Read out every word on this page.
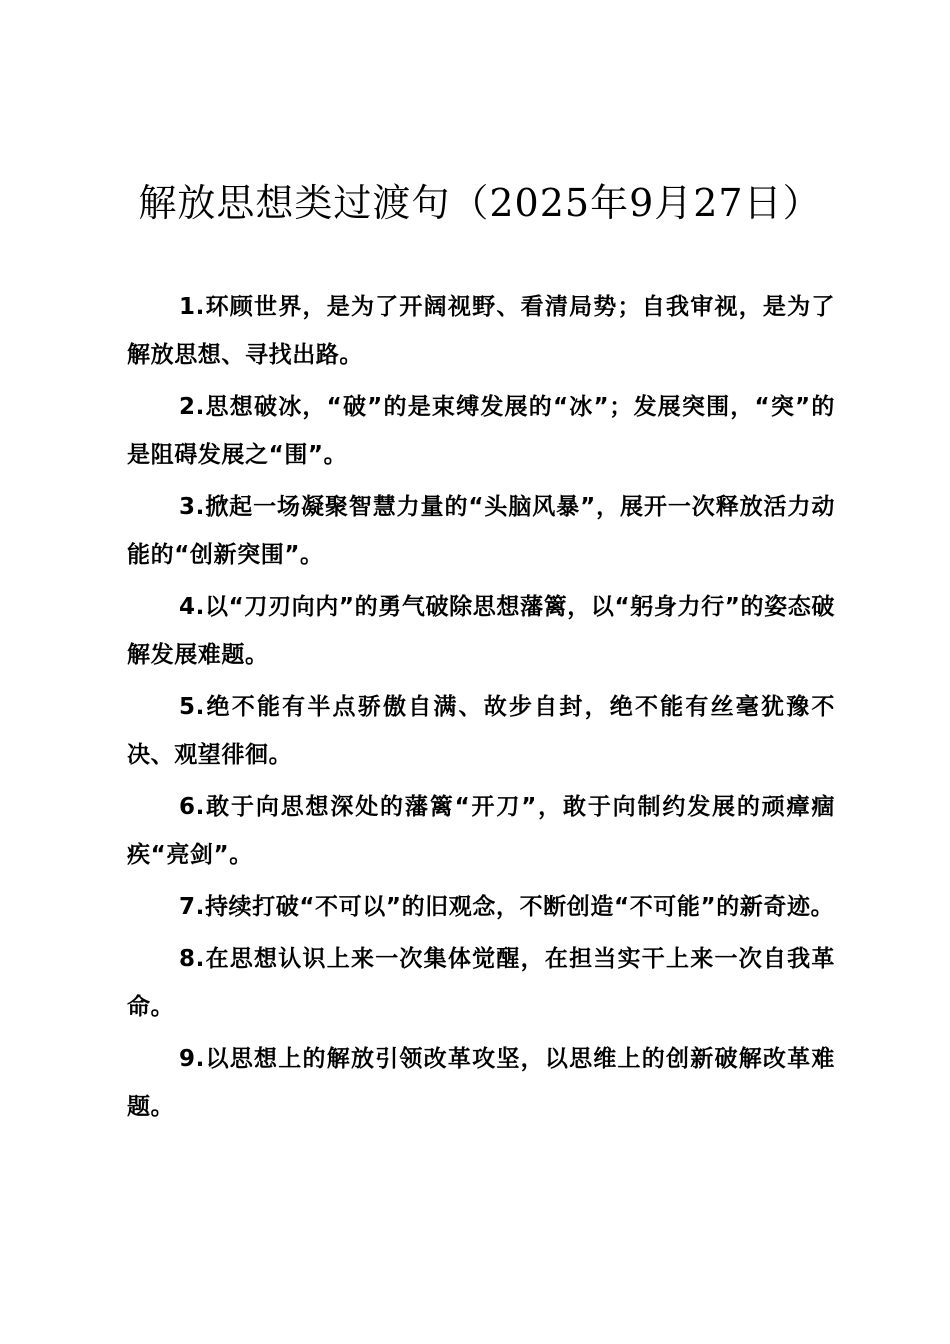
解放思想类过渡句（2025年9月27日）
1.环顾世界，是为了开阔视野、看清局势；自我审视，是为了解放思想、寻找出路。
2.思想破冰，“破”的是束缚发展的“冰”；发展突围，“突”的是阻碍发展之“围”。
3.掀起一场凝聚智慧力量的“头脑风暴”，展开一次释放活力动能的“创新突围”。
4.以“刀刃向内”的勇气破除思想藩篱，以“躬身力行”的姿态破解发展难题。
5.绝不能有半点骄傲自满、故步自封，绝不能有丝毫犹豫不决、观望徘徊。
6.敢于向思想深处的藩篱“开刀”，敢于向制约发展的顽瘴痼疾“亮剑”。
7.持续打破“不可以”的旧观念，不断创造“不可能”的新奇迹。
8.在思想认识上来一次集体觉醒，在担当实干上来一次自我革命。
9.以思想上的解放引领改革攻坚，以思维上的创新破解改革难题。
